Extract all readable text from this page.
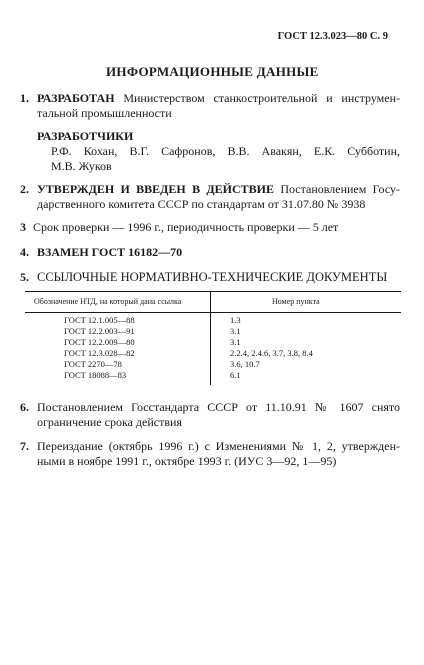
ГОСТ 12.3.023—80 С. 9
ИНФОРМАЦИОННЫЕ ДАННЫЕ
1. РАЗРАБОТАН Министерством станкостроительной и инструмен-
тальной промышленности
РАЗРАБОТЧИКИ
Р.Ф. Кохан, В.Г. Сафронов, В.В. Авакян, Е.К. Субботин,
М.В. Жуков
2. УТВЕРЖДЕН И ВВЕДЕН В ДЕЙСТВИЕ Постановлением Госу-
дарственного комитета СССР по стандартам от 31.07.80 № 3938
3 Срок проверки — 1996 г., периодичность проверки — 5 лет
4. ВЗАМЕН ГОСТ 16182—70
5. ССЫЛОЧНЫЕ НОРМАТИВНО-ТЕХНИЧЕСКИЕ ДОКУМЕНТЫ
Обозначение НТД, на который дана ссылка	Номер пункта
ГОСТ 12.1.005—88	1.3
ГОСТ 12.2.003—91	3.1
ГОСТ 12.2.009—80	3.1
ГОСТ 12.3.028—82	2.2.4, 2.4.6, 3.7, 3.8, 8.4
ГОСТ 2270—78	3.6, 10.7
ГОСТ 18088—83	6.1
6. Постановлением Госстандарта СССР от 11.10.91 № 1607 снято
ограничение срока действия
7. Переиздание (октябрь 1996 г.) с Изменениями № 1, 2, утвержден-
ными в ноябре 1991 г., октябре 1993 г. (ИУС 3—92, 1—95)
